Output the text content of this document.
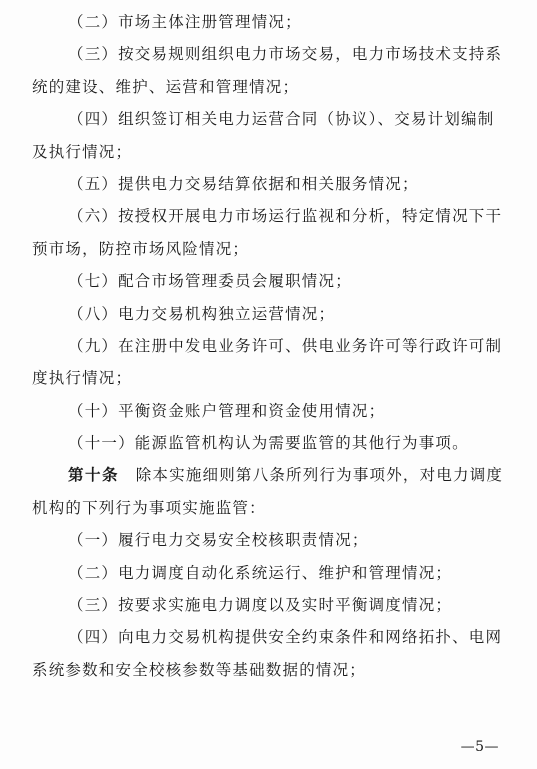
（二）市场主体注册管理情况；
（三）按交易规则组织电力市场交易，电力市场技术支持系
统的建设、维护、运营和管理情况；
（四）组织签订相关电力运营合同（协议）、交易计划编制
及执行情况；
（五）提供电力交易结算依据和相关服务情况；
（六）按授权开展电力市场运行监视和分析，特定情况下干
预市场，防控市场风险情况；
（七）配合市场管理委员会履职情况；
（八）电力交易机构独立运营情况；
（九）在注册中发电业务许可、供电业务许可等行政许可制
度执行情况；
（十）平衡资金账户管理和资金使用情况；
（十一）能源监管机构认为需要监管的其他行为事项。
第十条　 除本实施细则第八条所列行为事项外，对电力调度
机构的下列行为事项实施监管：
（一）履行电力交易安全校核职责情况；
（二）电力调度自动化系统运行、维护和管理情况；
（三）按要求实施电力调度以及实时平衡调度情况；
（四）向电力交易机构提供安全约束条件和网络拓扑、电网
系统参数和安全校核参数等基础数据的情况；
—5—
